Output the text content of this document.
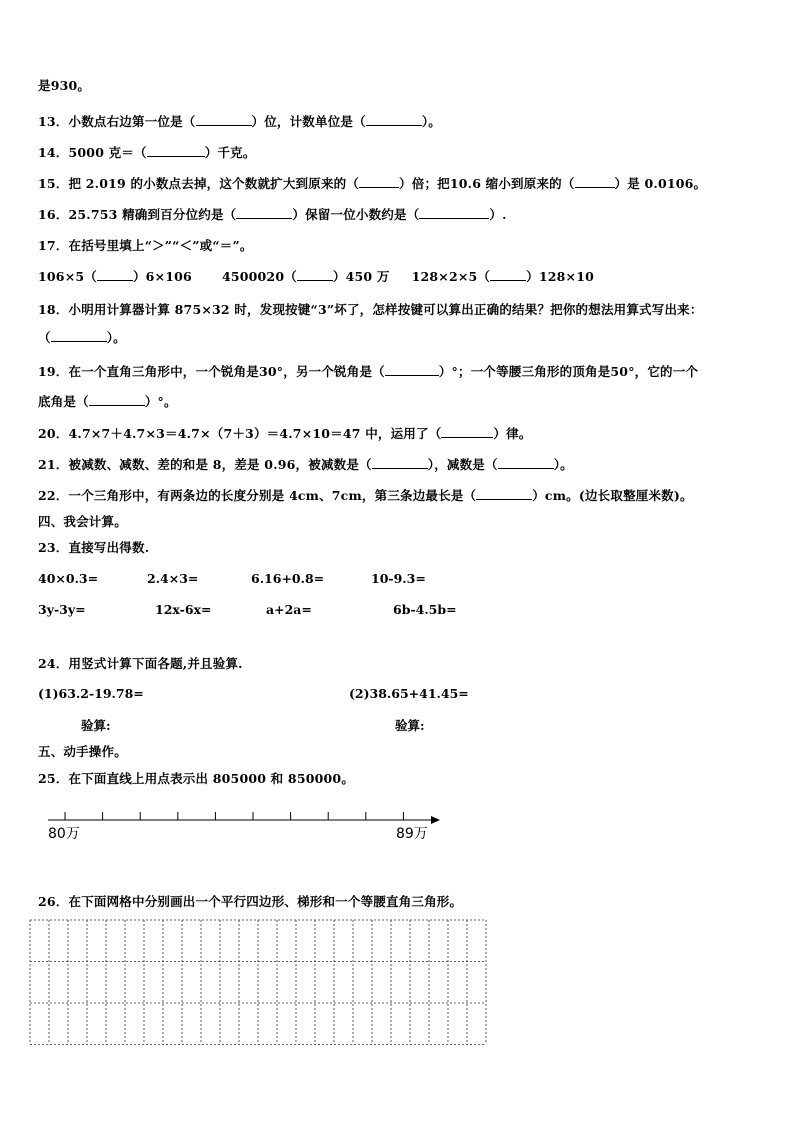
是930。
13．小数点右边第一位是（	）位，计数单位是（	）。
14．5000 克＝（	）千克。
15．把 2.019 的小数点去掉，这个数就扩大到原来的（	）倍；把10.6 缩小到原来的（	）是 0.0106。
16．25.753 精确到百分位约是（	）保留一位小数约是（	）.
17．在括号里填上“＞”“＜”或“＝”。
106×5（	）6×106 4500020（	）450 万 128×2×5（	）128×10
18．小明用计算器计算 875×32 时，发现按键“3”坏了，怎样按键可以算出正确的结果？把你的想法用算式写出来：
（	）。
19．在一个直角三角形中，一个锐角是30°，另一个锐角是（	）°；一个等腰三角形的顶角是50°，它的一个
底角是（	）°。
20．4.7×7＋4.7×3＝4.7×（7＋3）＝4.7×10＝47 中，运用了（	）律。
21．被减数、减数、差的和是 8，差是 0.96，被减数是（	），减数是（	）。
22．一个三角形中，有两条边的长度分别是 4cm、7cm，第三条边最长是（	）cm。(边长取整厘米数)。
四、我会计算。
23．直接写出得数.
40×0.3=	2.4×3=	6.16+0.8=	10-9.3=
3y-3y=	12x-6x=	a+2a=	6b-4.5b=
24．用竖式计算下面各题,并且验算.
(1)63.2-19.78=	(2)38.65+41.45=
验算:	验算:
五、动手操作。
25．在下面直线上用点表示出 805000 和 850000。
80万	89万
26．在下面网格中分别画出一个平行四边形、梯形和一个等腰直角三角形。
